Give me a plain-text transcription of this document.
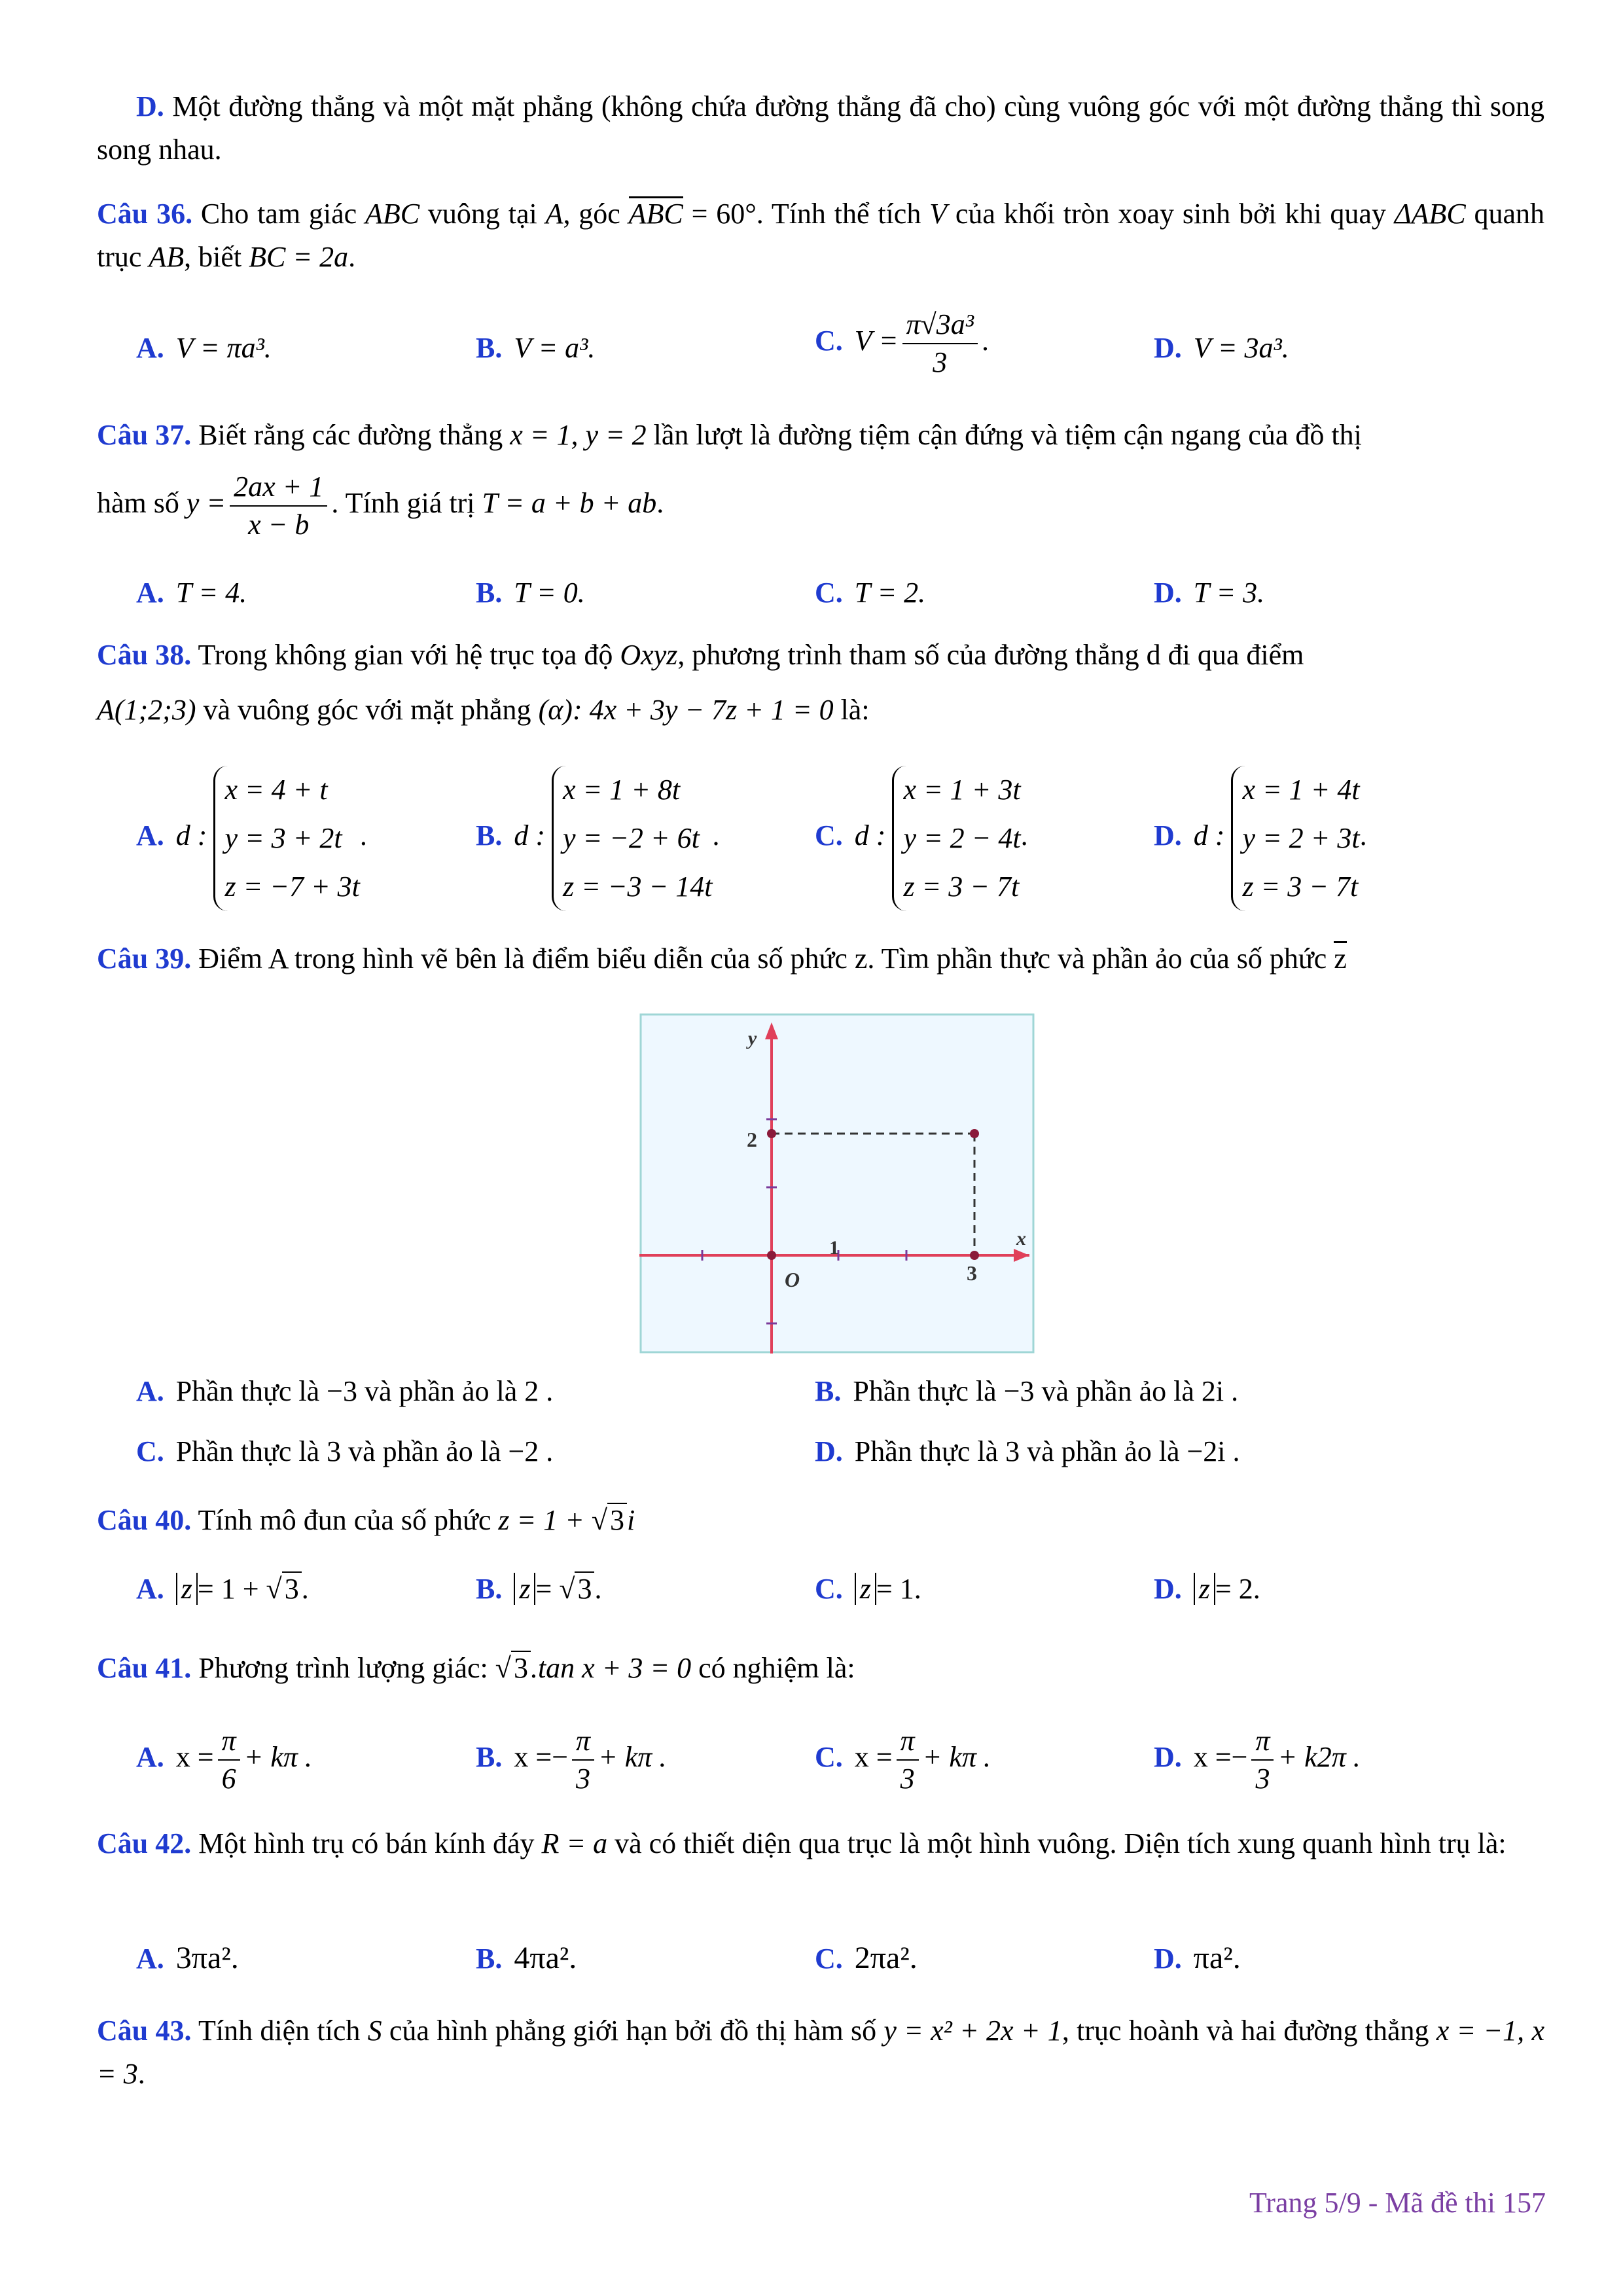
D. Một đường thẳng và một mặt phẳng (không chứa đường thẳng đã cho) cùng vuông góc với một đường thẳng thì song song nhau.
Câu 36. Cho tam giác ABC vuông tại A, góc ABC = 60°. Tính thể tích V của khối tròn xoay sinh bởi khi quay ΔABC quanh trục AB, biết BC = 2a.
A. V = πa³.	B. V = a³.	C. $V = \frac{\text{π√3a³}}{3}$ .	D. V = 3a³.
Câu 37. Biết rằng các đường thẳng x = 1, y = 2 lần lượt là đường tiệm cận đứng và tiệm cận ngang của đồ thị
hàm số $y = \frac{2ax + 1}{x - b}$ . Tính giá trị T = a + b + ab.
A. T = 4.	B. T = 0.	C. T = 2.	D. T = 3.
Câu 38. Trong không gian với hệ trục tọa độ Oxyz, phương trình tham số của đường thẳng d đi qua điểm
A(1;2;3) và vuông góc với mặt phẳng (α): 4x + 3y − 7z + 1 = 0 là:
A. d :
x = 4 + t
y = 3 + 2t
z = −7 + 3t
.	B. d :
x = 1 + 8t
y = −2 + 6t
z = −3 − 14t
.	C. d :
x = 1 + 3t
y = 2 − 4t
z = 3 − 7t
.	D. d :
x = 1 + 4t
y = 2 + 3t
z = 3 − 7t
.
Câu 39. Điểm A trong hình vẽ bên là điểm biểu diễn của số phức z. Tìm phần thực và phần ảo của số phức z
y
x
2
3
O
1
A. Phần thực là −3 và phần ảo là 2 .	B. Phần thực là −3 và phần ảo là 2i .
C. Phần thực là 3 và phần ảo là −2 .	D. Phần thực là 3 và phần ảo là −2i .
Câu 40. Tính mô đun của số phức z = 1 + √3i
A. z = 1 + √3.	B. z = √3.	C. z = 1.	D. z = 2.
Câu 41. Phương trình lượng giác: √3.tan x + 3 = 0 có nghiệm là:
A. $x = \frac{\pi}{6} + k\pi$ .	B. $x =- \frac{\pi}{3} + k\pi$ .	C. $x = \frac{\pi}{3} + k\pi$ .	D. $x =- \frac{\pi}{3} + k2\pi$ .
Câu 42. Một hình trụ có bán kính đáy R = a và có thiết diện qua trục là một hình vuông. Diện tích xung quanh hình trụ là:
A. 3πa².	B. 4πa².	C. 2πa².	D. πa².
Câu 43. Tính diện tích S của hình phẳng giới hạn bởi đồ thị hàm số y = x² + 2x + 1, trục hoành và hai đường thẳng x = −1, x = 3.
Trang 5/9 - Mã đề thi 157
